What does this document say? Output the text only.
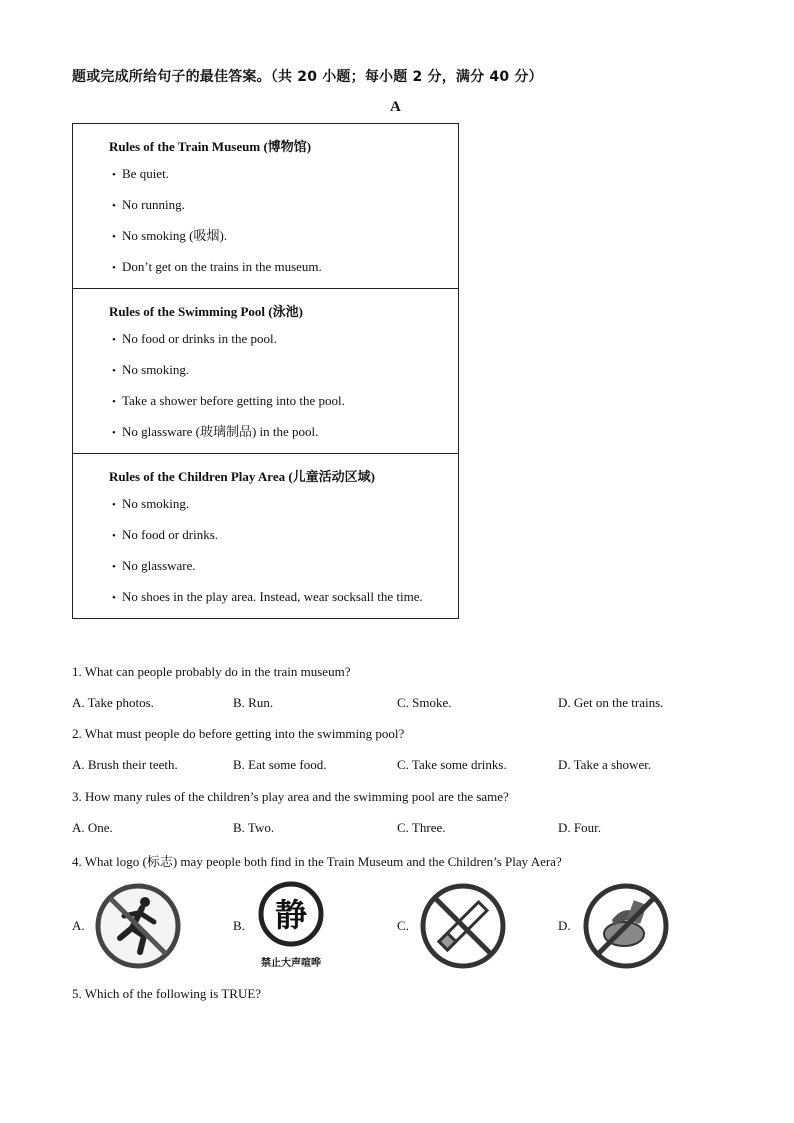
题或完成所给句子的最佳答案。（共 20 小题；每小题 2 分，满分 40 分）
A
Rules of the Train Museum (博物馆)
• Be quiet.
• No running.
• No smoking (吸烟).
• Don’t get on the trains in the museum.
Rules of the Swimming Pool (泳池)
• No food or drinks in the pool.
• No smoking.
• Take a shower before getting into the pool.
• No glassware (玻璃制品) in the pool.
Rules of the Children Play Area (儿童活动区域)
• No smoking.
• No food or drinks.
• No glassware.
• No shoes in the play area. Instead, wear socksall the time.
1. What can people probably do in the train museum?
A. Take photos.	B. Run.	C. Smoke.	D. Get on the trains.
2. What must people do before getting into the swimming pool?
A. Brush their teeth.	B. Eat some food.	C. Take some drinks.	D. Take a shower.
3. How many rules of the children’s play area and the swimming pool are the same?
A. One.	B. Two.	C. Three.	D. Four.
4. What logo (标志) may people both find in the Train Museum and the Children’s Play Aera?
A.	B. 静
禁止大声喧哗
C.	D.
5. Which of the following is TRUE?
